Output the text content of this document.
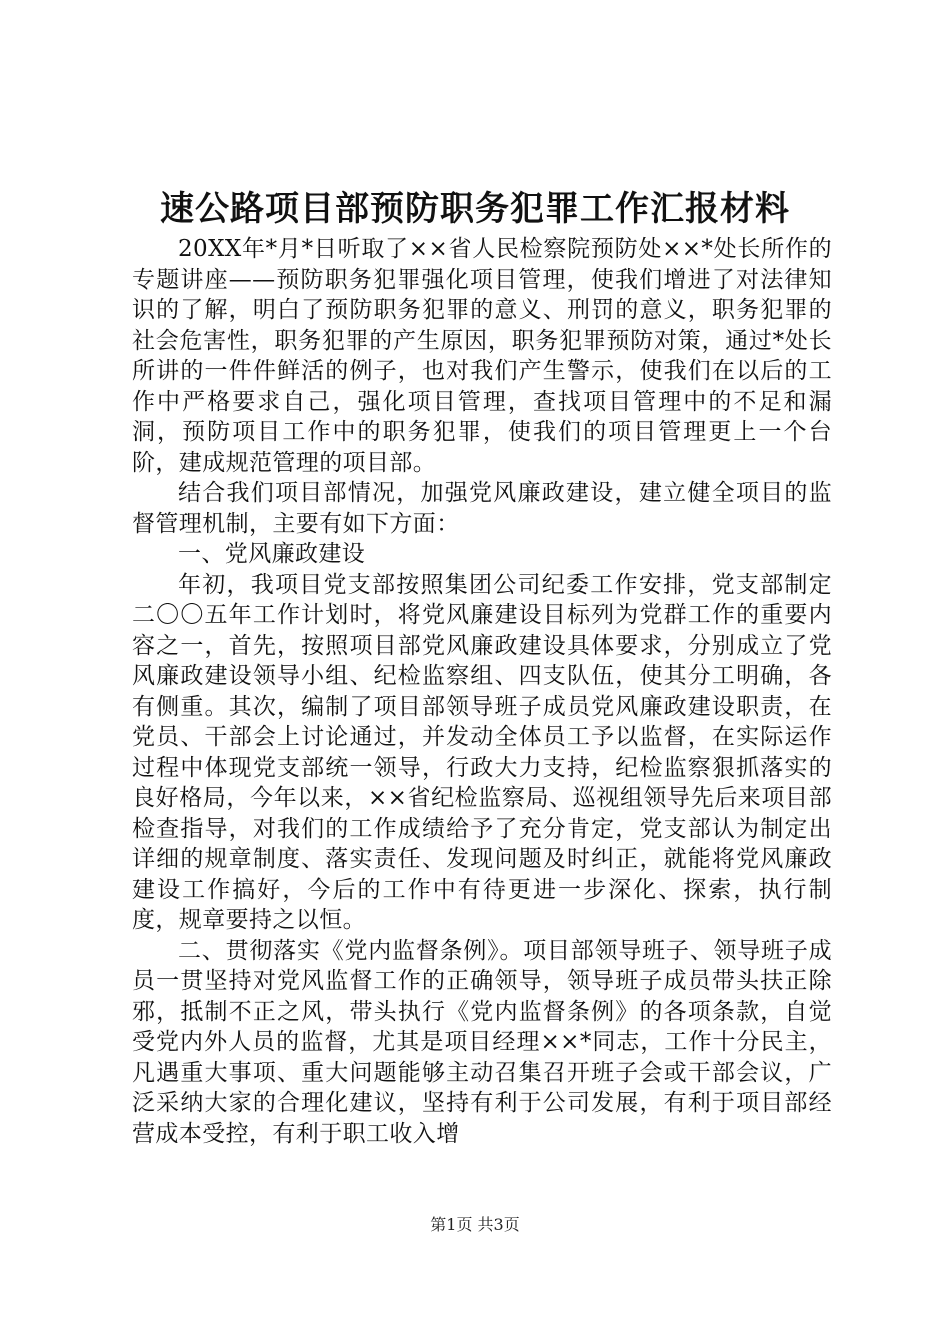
速公路项目部预防职务犯罪工作汇报材料

20XX年*月*日听取了××省人民检察院预防处××*处长所作的专题讲座——预防职务犯罪强化项目管理，使我们增进了对法律知识的了解，明白了预防职务犯罪的意义、刑罚的意义，职务犯罪的社会危害性，职务犯罪的产生原因，职务犯罪预防对策，通过*处长所讲的一件件鲜活的例子，也对我们产生警示，使我们在以后的工作中严格要求自己，强化项目管理，查找项目管理中的不足和漏洞，预防项目工作中的职务犯罪，使我们的项目管理更上一个台阶，建成规范管理的项目部。

结合我们项目部情况，加强党风廉政建设，建立健全项目的监督管理机制，主要有如下方面：

一、党风廉政建设

年初，我项目党支部按照集团公司纪委工作安排，党支部制定二〇〇五年工作计划时，将党风廉建设目标列为党群工作的重要内容之一，首先，按照项目部党风廉政建设具体要求，分别成立了党风廉政建设领导小组、纪检监察组、四支队伍，使其分工明确，各有侧重。其次，编制了项目部领导班子成员党风廉政建设职责，在党员、干部会上讨论通过，并发动全体员工予以监督，在实际运作过程中体现党支部统一领导，行政大力支持，纪检监察狠抓落实的良好格局，今年以来，××省纪检监察局、巡视组领导先后来项目部检查指导，对我们的工作成绩给予了充分肯定，党支部认为制定出详细的规章制度、落实责任、发现问题及时纠正，就能将党风廉政建设工作搞好，今后的工作中有待更进一步深化、探索，执行制度，规章要持之以恒。

二、贯彻落实《党内监督条例》。项目部领导班子、领导班子成员一贯坚持对党风监督工作的正确领导，领导班子成员带头扶正除邪，抵制不正之风，带头执行《党内监督条例》的各项条款，自觉受党内外人员的监督，尤其是项目经理××*同志，工作十分民主，凡遇重大事项、重大问题能够主动召集召开班子会或干部会议，广泛采纳大家的合理化建议，坚持有利于公司发展，有利于项目部经营成本受控，有利于职工收入增

第1页 共3页
